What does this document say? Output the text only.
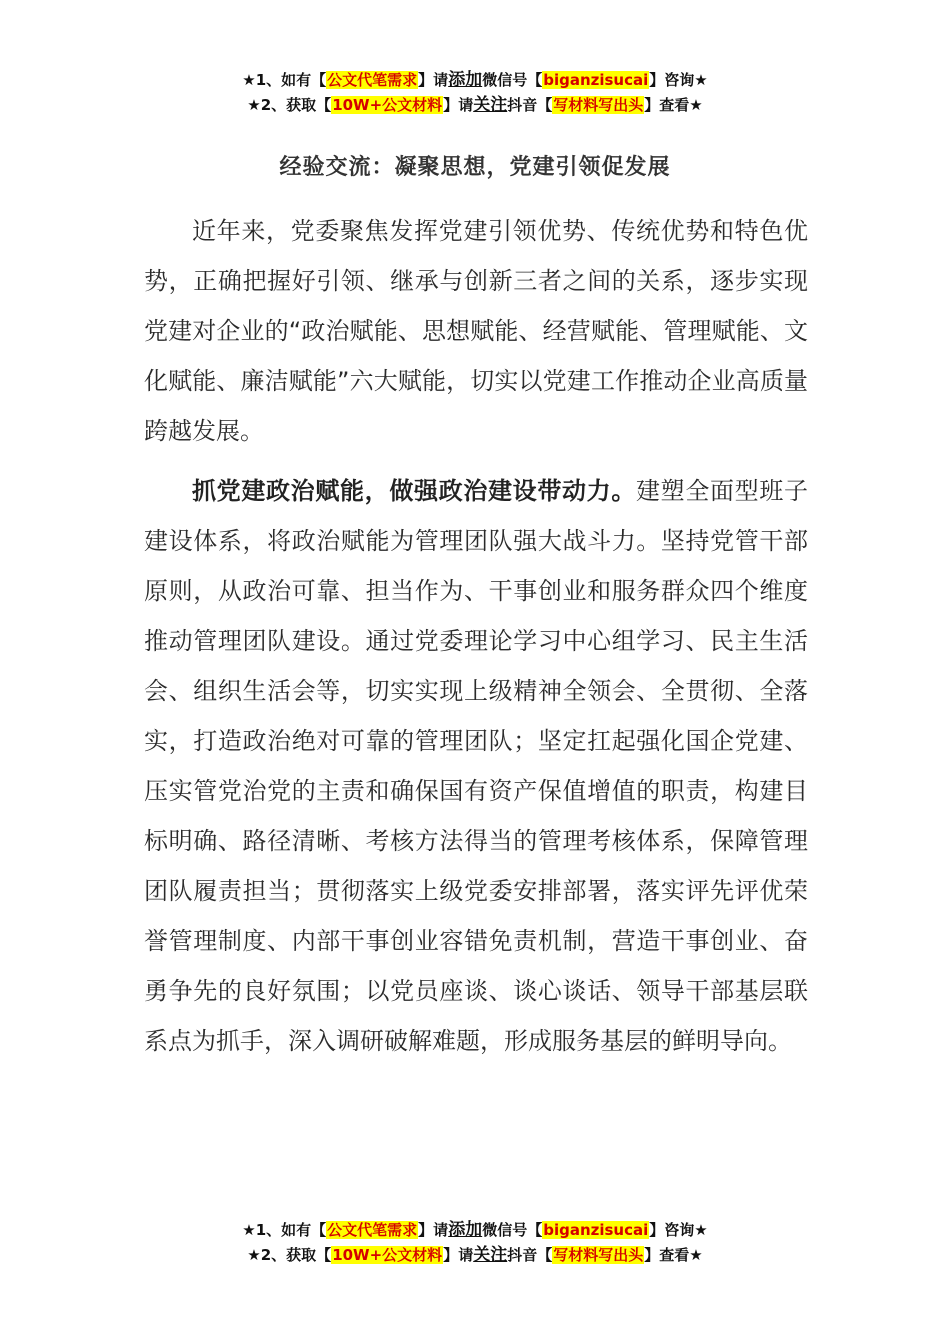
★1、如有【公文代笔需求】请添加微信号【biganzisucai】咨询★
★2、获取【10W+公文材料】请关注抖音【写材料写出头】查看★
经验交流：凝聚思想，党建引领促发展

近年来，党委聚焦发挥党建引领优势、传统优势和特色优势，正确把握好引领、继承与创新三者之间的关系，逐步实现党建对企业的“政治赋能、思想赋能、经营赋能、管理赋能、文化赋能、廉洁赋能”六大赋能，切实以党建工作推动企业高质量跨越发展。

抓党建政治赋能，做强政治建设带动力。建塑全面型班子建设体系，将政治赋能为管理团队强大战斗力。坚持党管干部原则，从政治可靠、担当作为、干事创业和服务群众四个维度推动管理团队建设。通过党委理论学习中心组学习、民主生活会、组织生活会等，切实实现上级精神全领会、全贯彻、全落实，打造政治绝对可靠的管理团队；坚定扛起强化国企党建、压实管党治党的主责和确保国有资产保值增值的职责，构建目标明确、路径清晰、考核方法得当的管理考核体系，保障管理团队履责担当；贯彻落实上级党委安排部署，落实评先评优荣誉管理制度、内部干事创业容错免责机制，营造干事创业、奋勇争先的良好氛围；以党员座谈、谈心谈话、领导干部基层联系点为抓手，深入调研破解难题，形成服务基层的鲜明导向。

★1、如有【公文代笔需求】请添加微信号【biganzisucai】咨询★
★2、获取【10W+公文材料】请关注抖音【写材料写出头】查看★
